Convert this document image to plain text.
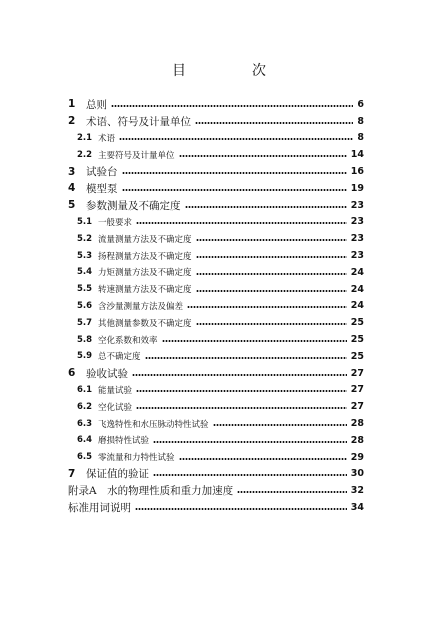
目　次
1	总则	6
2	术语、符号及计量单位	8
2.1 术语	8
2.2 主要符号及计量单位	14
3	试验台	16
4	模型泵	19
5	参数测量及不确定度	23
5.1 一般要求	23
5.2 流量测量方法及不确定度	23
5.3 扬程测量方法及不确定度	23
5.4 力矩测量方法及不确定度	24
5.5 转速测量方法及不确定度	24
5.6 含沙量测量方法及偏差	24
5.7 其他测量参数及不确定度	25
5.8 空化系数和效率	25
5.9 总不确定度	25
6	验收试验	27
6.1 能量试验	27
6.2 空化试验	27
6.3 飞逸特性和水压脉动特性试验	28
6.4 磨损特性试验	28
6.5 零流量和力特性试验	29
7	保证值的验证	30
附录A　水的物理性质和重力加速度	32
标准用词说明	34
